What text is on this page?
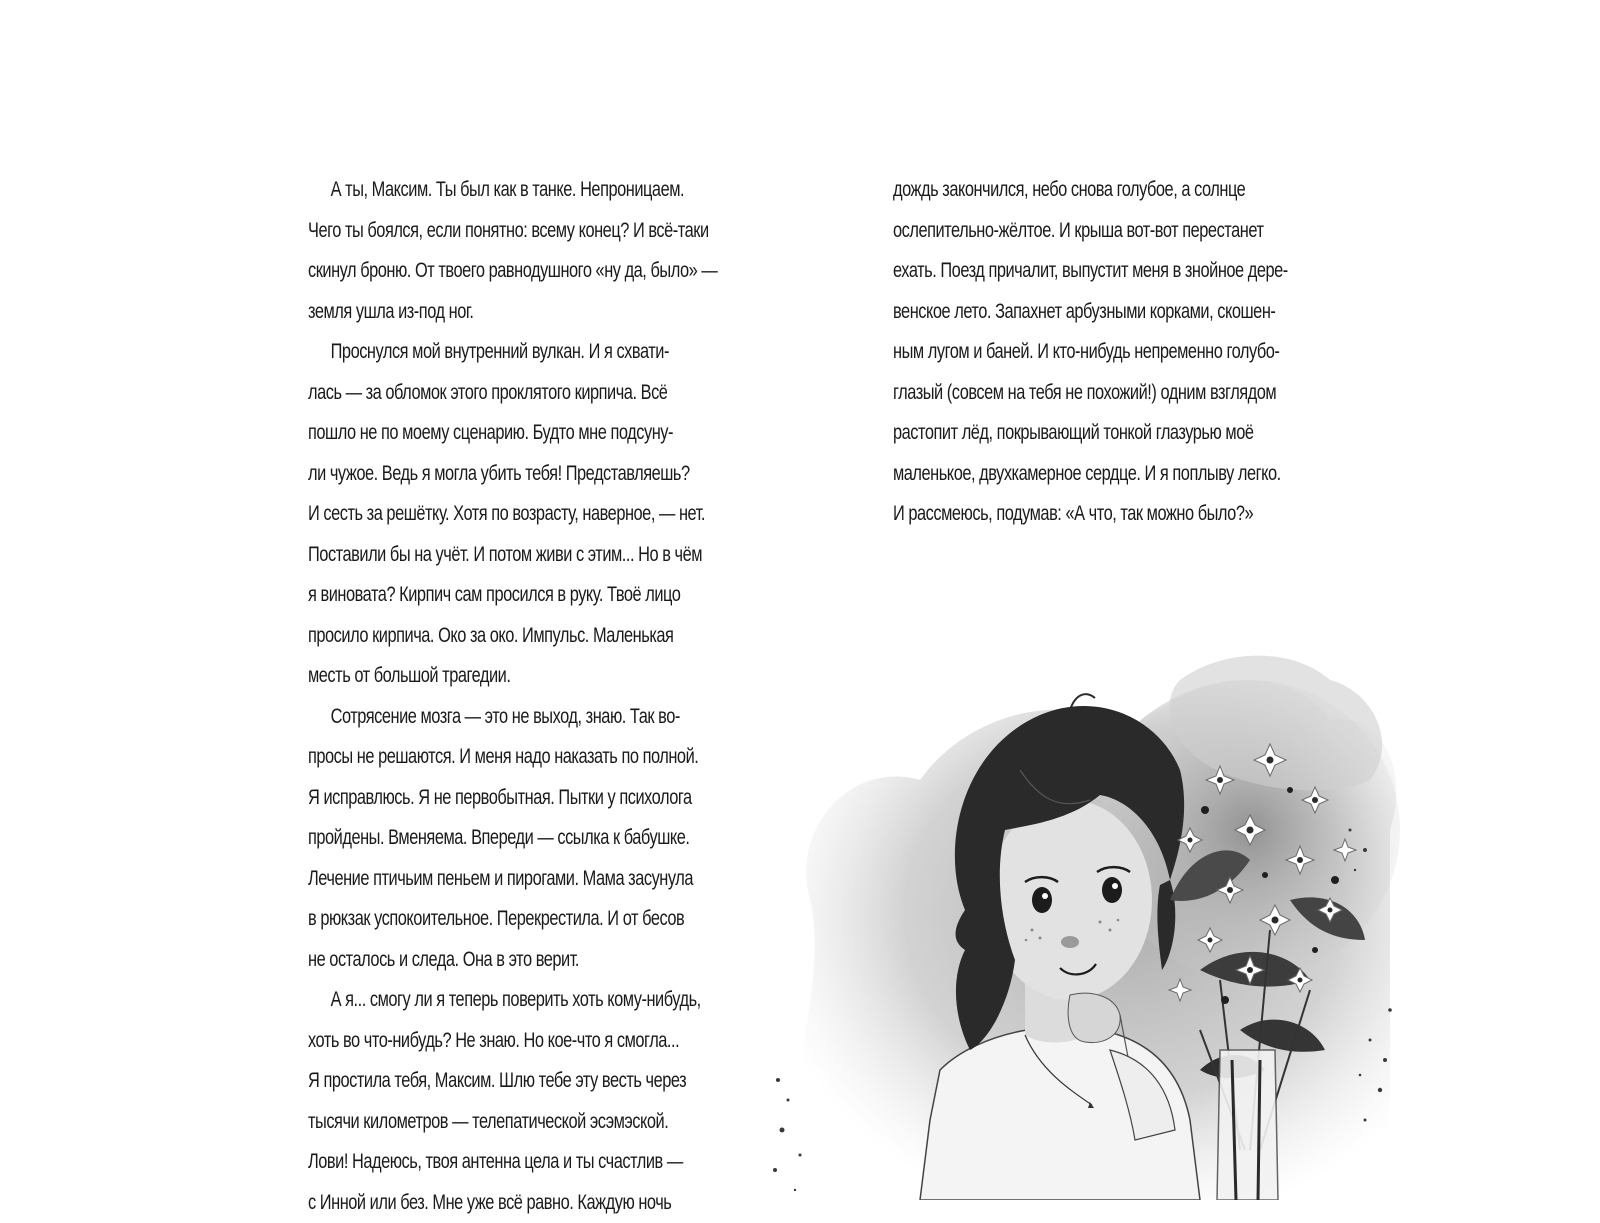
А ты, Максим. Ты был как в танке. Непроницаем.
Чего ты боялся, если понятно: всему конец? И всё-таки
скинул броню. От твоего равнодушного «ну да, было» —
земля ушла из-под ног.
Проснулся мой внутренний вулкан. И я схвати-
лась — за обломок этого проклятого кирпича. Всё
пошло не по моему сценарию. Будто мне подсуну-
ли чужое. Ведь я могла убить тебя! Представляешь?
И сесть за решётку. Хотя по возрасту, наверное, — нет.
Поставили бы на учёт. И потом живи с этим... Но в чём
я виновата? Кирпич сам просился в руку. Твоё лицо
просило кирпича. Око за око. Импульс. Маленькая
месть от большой трагедии.
Сотрясение мозга — это не выход, знаю. Так во-
просы не решаются. И меня надо наказать по полной.
Я исправлюсь. Я не первобытная. Пытки у психолога
пройдены. Вменяема. Впереди — ссылка к бабушке.
Лечение птичьим пеньем и пирогами. Мама засунула
в рюкзак успокоительное. Перекрестила. И от бесов
не осталось и следа. Она в это верит.
А я... смогу ли я теперь поверить хоть кому-нибудь,
хоть во что-нибудь? Не знаю. Но кое-что я смогла...
Я простила тебя, Максим. Шлю тебе эту весть через
тысячи километров — телепатической эсэмэской.
Лови! Надеюсь, твоя антенна цела и ты счастлив —
с Инной или без. Мне уже всё равно. Каждую ночь
дождь закончился, небо снова голубое, а солнце
ослепительно-жёлтое. И крыша вот-вот перестанет
ехать. Поезд причалит, выпустит меня в знойное дере-
венское лето. Запахнет арбузными корками, скошен-
ным лугом и баней. И кто-нибудь непременно голубо-
глазый (совсем на тебя не похожий!) одним взглядом
растопит лёд, покрывающий тонкой глазурью моё
маленькое, двухкамерное сердце. И я поплыву легко.
И рассмеюсь, подумав: «А что, так можно было?»
